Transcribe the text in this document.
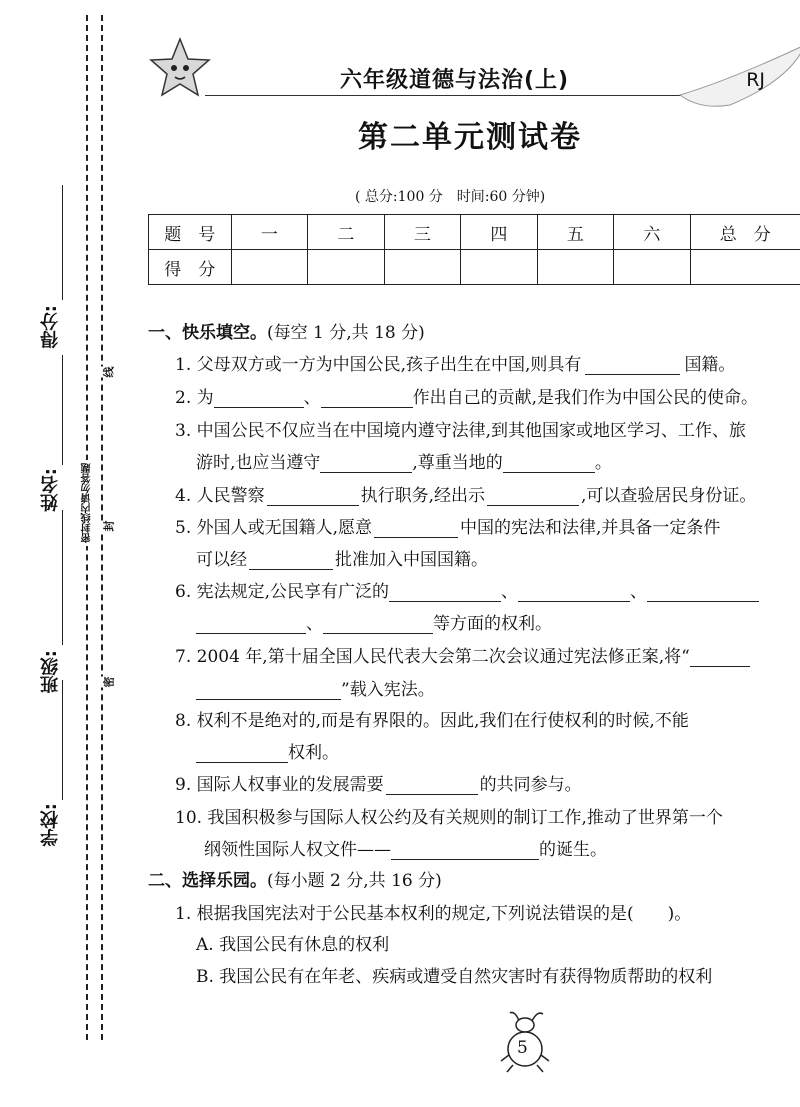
学校:
班级:
姓名:
得分:
密封线内请勿答题
线
封
密
六年级道德与法治(上)	RJ
第二单元测试卷
( 总分:100 分　时间:60 分钟)
题　号	一	二	三	四	五	六	总　分
得　分							
一、快乐填空。(每空 1 分,共 18 分)
1. 父母双方或一方为中国公民,孩子出生在中国,则具有	国籍。
2. 为	、	作出自己的贡献,是我们作为中国公民的使命。
3. 中国公民不仅应当在中国境内遵守法律,到其他国家或地区学习、工作、旅
游时,也应当遵守	,尊重当地的	。
4. 人民警察	执行职务,经出示	,可以查验居民身份证。
5. 外国人或无国籍人,愿意	中国的宪法和法律,并具备一定条件
可以经	批准加入中国国籍。
6. 宪法规定,公民享有广泛的	、	、
、	等方面的权利。
7. 2004 年,第十届全国人民代表大会第二次会议通过宪法修正案,将“
”载入宪法。
8. 权利不是绝对的,而是有界限的。因此,我们在行使权利的时候,不能
权利。
9. 国际人权事业的发展需要	的共同参与。
10. 我国积极参与国际人权公约及有关规则的制订工作,推动了世界第一个
纲领性国际人权文件——	的诞生。
二、选择乐园。(每小题 2 分,共 16 分)
1. 根据我国宪法对于公民基本权利的规定,下列说法错误的是(　　)。
A. 我国公民有休息的权利
B. 我国公民有在年老、疾病或遭受自然灾害时有获得物质帮助的权利
5
